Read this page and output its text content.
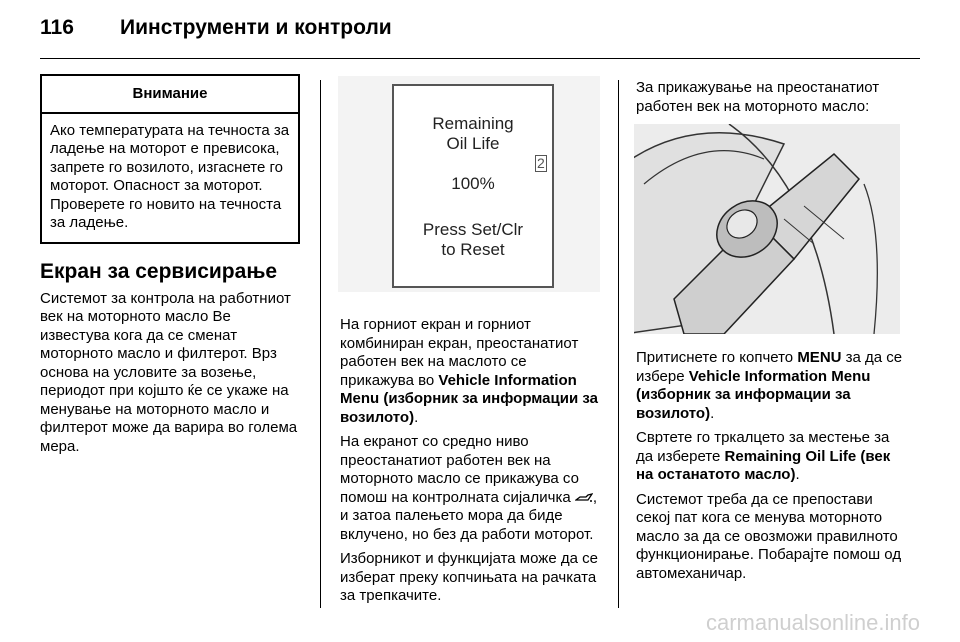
116	Иинструменти и контроли
Внимание
Ако температурата на течноста за ладење на моторот е превисока, запрете го возилото, изгаснете го моторот. Опасност за моторот. Проверете го новито на течноста за ладење.
Екран за сервисирање

Системот за контрола на работниот век на моторното масло Ве известува кога да се сменат моторното масло и филтерот. Врз основа на условите за возење, периодот при којшто ќе се укаже на менување на моторното масло и филтерот може да варира во голема мера.

Remaining
Oil Life
100%
Press Set/Clr
to Reset
2

На горниот екран и горниот комбиниран екран, преостанатиот работен век на маслото се прикажува во Vehicle Information Menu (изборник за информации за возилото).

На екранот со средно ниво преостанатиот работен век на моторното масло се прикажува со помош на контролната сијаличка , и затоа палењето мора да биде вклучено, но без да работи моторот.

Изборникот и функцијата може да се изберат преку копчињата на рачката за трепкачите.

За прикажување на преостанатиот работен век на моторното масло:

Притиснете го копчето MENU за да се избере Vehicle Information Menu (изборник за информации за возилото).

Свртете го тркалцето за местење за да изберете Remaining Oil Life (век на останатото масло).

Системот треба да се препостави секој пат кога се менува моторното масло за да се овозможи правилното функционирање. Побарајте помош од автомеханичар.

carmanualsonline.info
